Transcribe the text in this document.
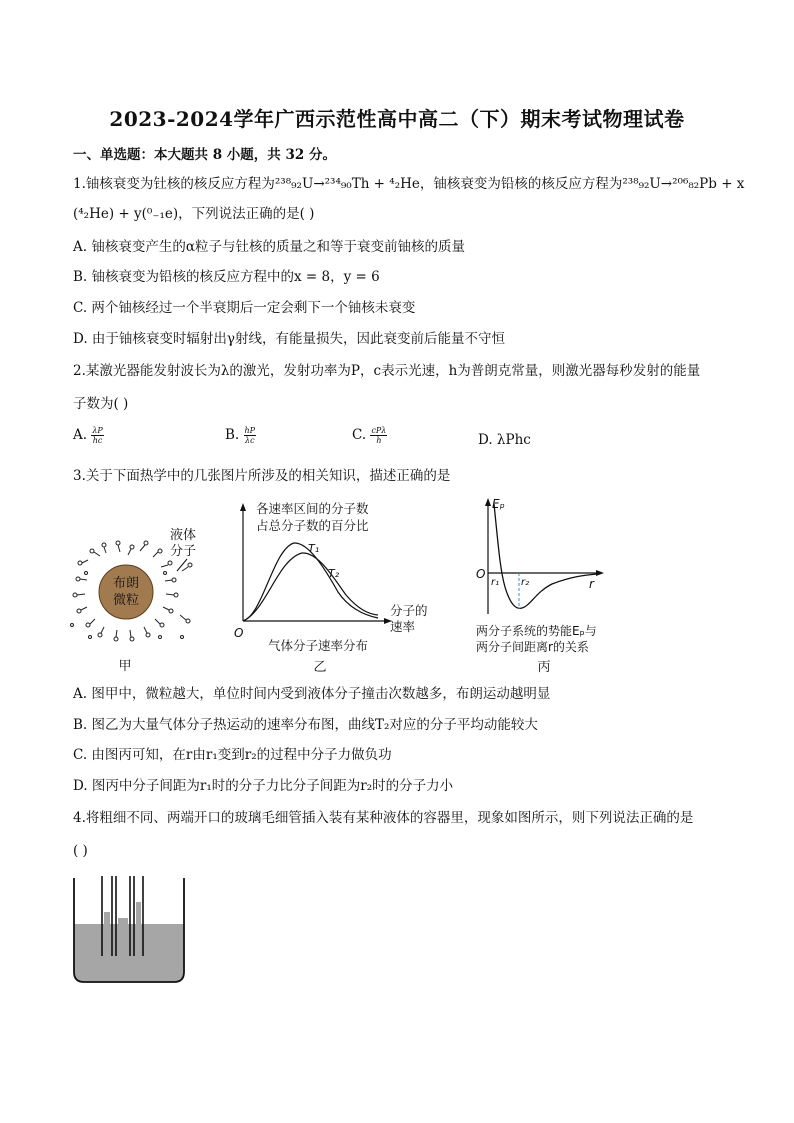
2023-2024学年广西示范性高中高二（下）期末考试物理试卷
一、单选题：本大题共 8 小题，共 32 分。
1.铀核衰变为钍核的核反应方程为²³⁸₉₂U→²³⁴₉₀Th + ⁴₂He，铀核衰变为铅核的核反应方程为²³⁸₉₂U→²⁰⁶₈₂Pb + x
(⁴₂He) + y(⁰₋₁e)，下列说法正确的是( )
A. 铀核衰变产生的α粒子与钍核的质量之和等于衰变前铀核的质量
B. 铀核衰变为铅核的核反应方程中的x = 8，y = 6
C. 两个铀核经过一个半衰期后一定会剩下一个铀核未衰变
D. 由于铀核衰变时辐射出γ射线，有能量损失，因此衰变前后能量不守恒
2.某激光器能发射波长为λ的激光，发射功率为P，c表示光速，h为普朗克常量，则激光器每秒发射的能量
子数为( )
A. $\frac{\lambda P}{hc}$	B. $\frac{hP}{\lambda c}$	C. $\frac{\text{cPλ}}{h}$	D. λPhc
3.关于下面热学中的几张图片所涉及的相关知识，描述正确的是
布朗
微粒
液体
分子
甲
各速率区间的分子数
占总分子数的百分比
T₁
T₂
分子的
速率
O
气体分子速率分布
乙
Eₚ
O
r₁ r₂	r
两分子系统的势能Eₚ与
两分子间距离r的关系
丙
A. 图甲中，微粒越大，单位时间内受到液体分子撞击次数越多，布朗运动越明显
B. 图乙为大量气体分子热运动的速率分布图，曲线T₂对应的分子平均动能较大
C. 由图丙可知，在r由r₁变到r₂的过程中分子力做负功
D. 图丙中分子间距为r₁时的分子力比分子间距为r₂时的分子力小
4.将粗细不同、两端开口的玻璃毛细管插入装有某种液体的容器里，现象如图所示，则下列说法正确的是
( )
